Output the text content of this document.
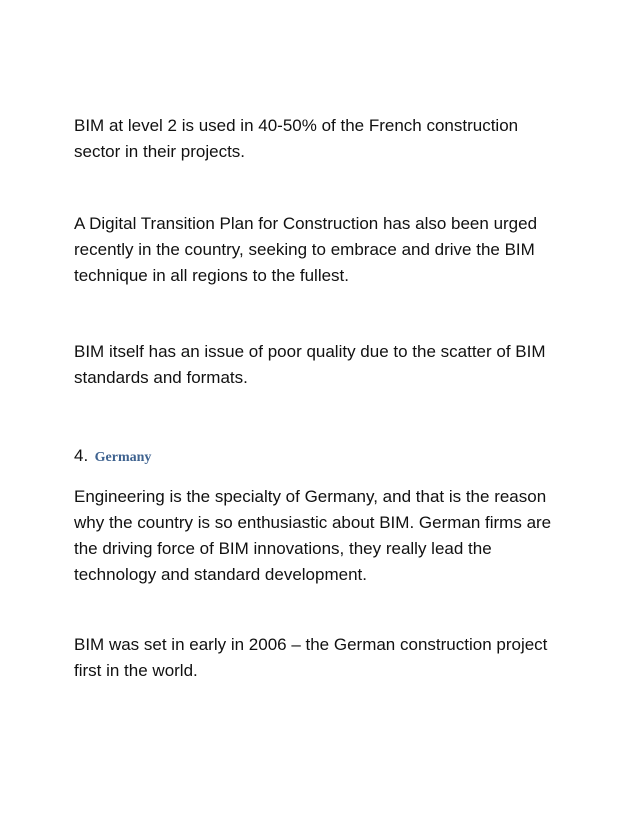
BIM at level 2 is used in 40-50% of the French construction
sector in their projects.

A Digital Transition Plan for Construction has also been urged
recently in the country, seeking to embrace and drive the BIM
technique in all regions to the fullest.

BIM itself has an issue of poor quality due to the scatter of BIM
standards and formats.

4. Germany

Engineering is the specialty of Germany, and that is the reason
why the country is so enthusiastic about BIM. German firms are
the driving force of BIM innovations, they really lead the
technology and standard development.

BIM was set in early in 2006 – the German construction project
first in the world.
